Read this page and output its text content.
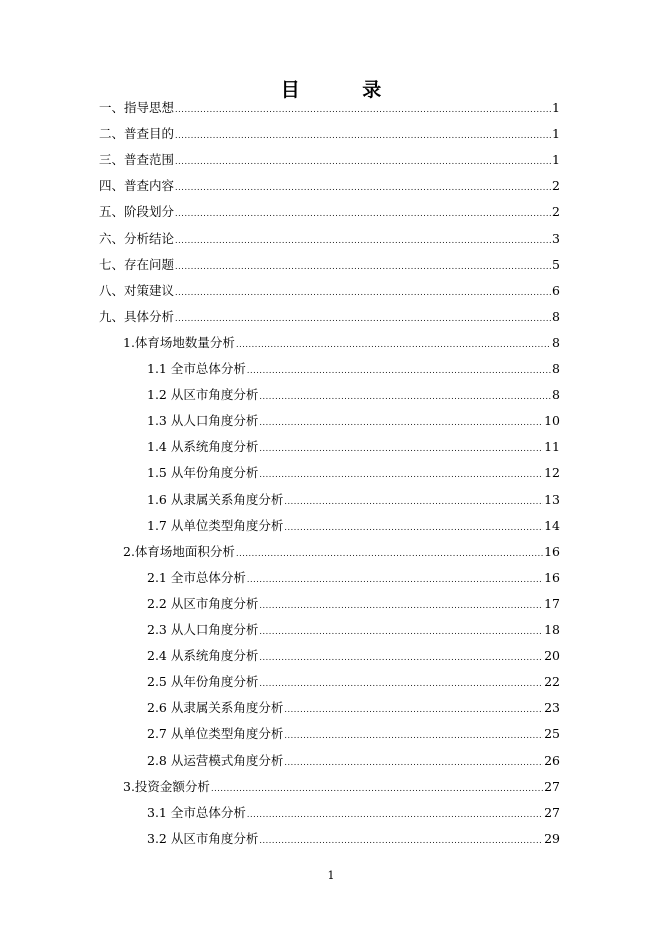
目 录
一、指导思想 .....	1
二、普查目的 .....	1
三、普查范围 .....	1
四、普查内容 .....	2
五、阶段划分 .....	2
六、分析结论 .....	3
七、存在问题 .....	5
八、对策建议 .....	6
九、具体分析 .....	8
1.体育场地数量分析 .....	8
1.1 全市总体分析 .....	8
1.2 从区市角度分析 .....	8
1.3 从人口角度分析 .....	10
1.4 从系统角度分析 .....	11
1.5 从年份角度分析 .....	12
1.6 从隶属关系角度分析 .....	13
1.7 从单位类型角度分析 .....	14
2.体育场地面积分析 .....	16
2.1 全市总体分析 .....	16
2.2 从区市角度分析 .....	17
2.3 从人口角度分析 .....	18
2.4 从系统角度分析 .....	20
2.5 从年份角度分析 .....	22
2.6 从隶属关系角度分析 .....	23
2.7 从单位类型角度分析 .....	25
2.8 从运营模式角度分析 .....	26
3.投资金额分析 .....	27
3.1 全市总体分析 .....	27
3.2 从区市角度分析 .....	29
1
